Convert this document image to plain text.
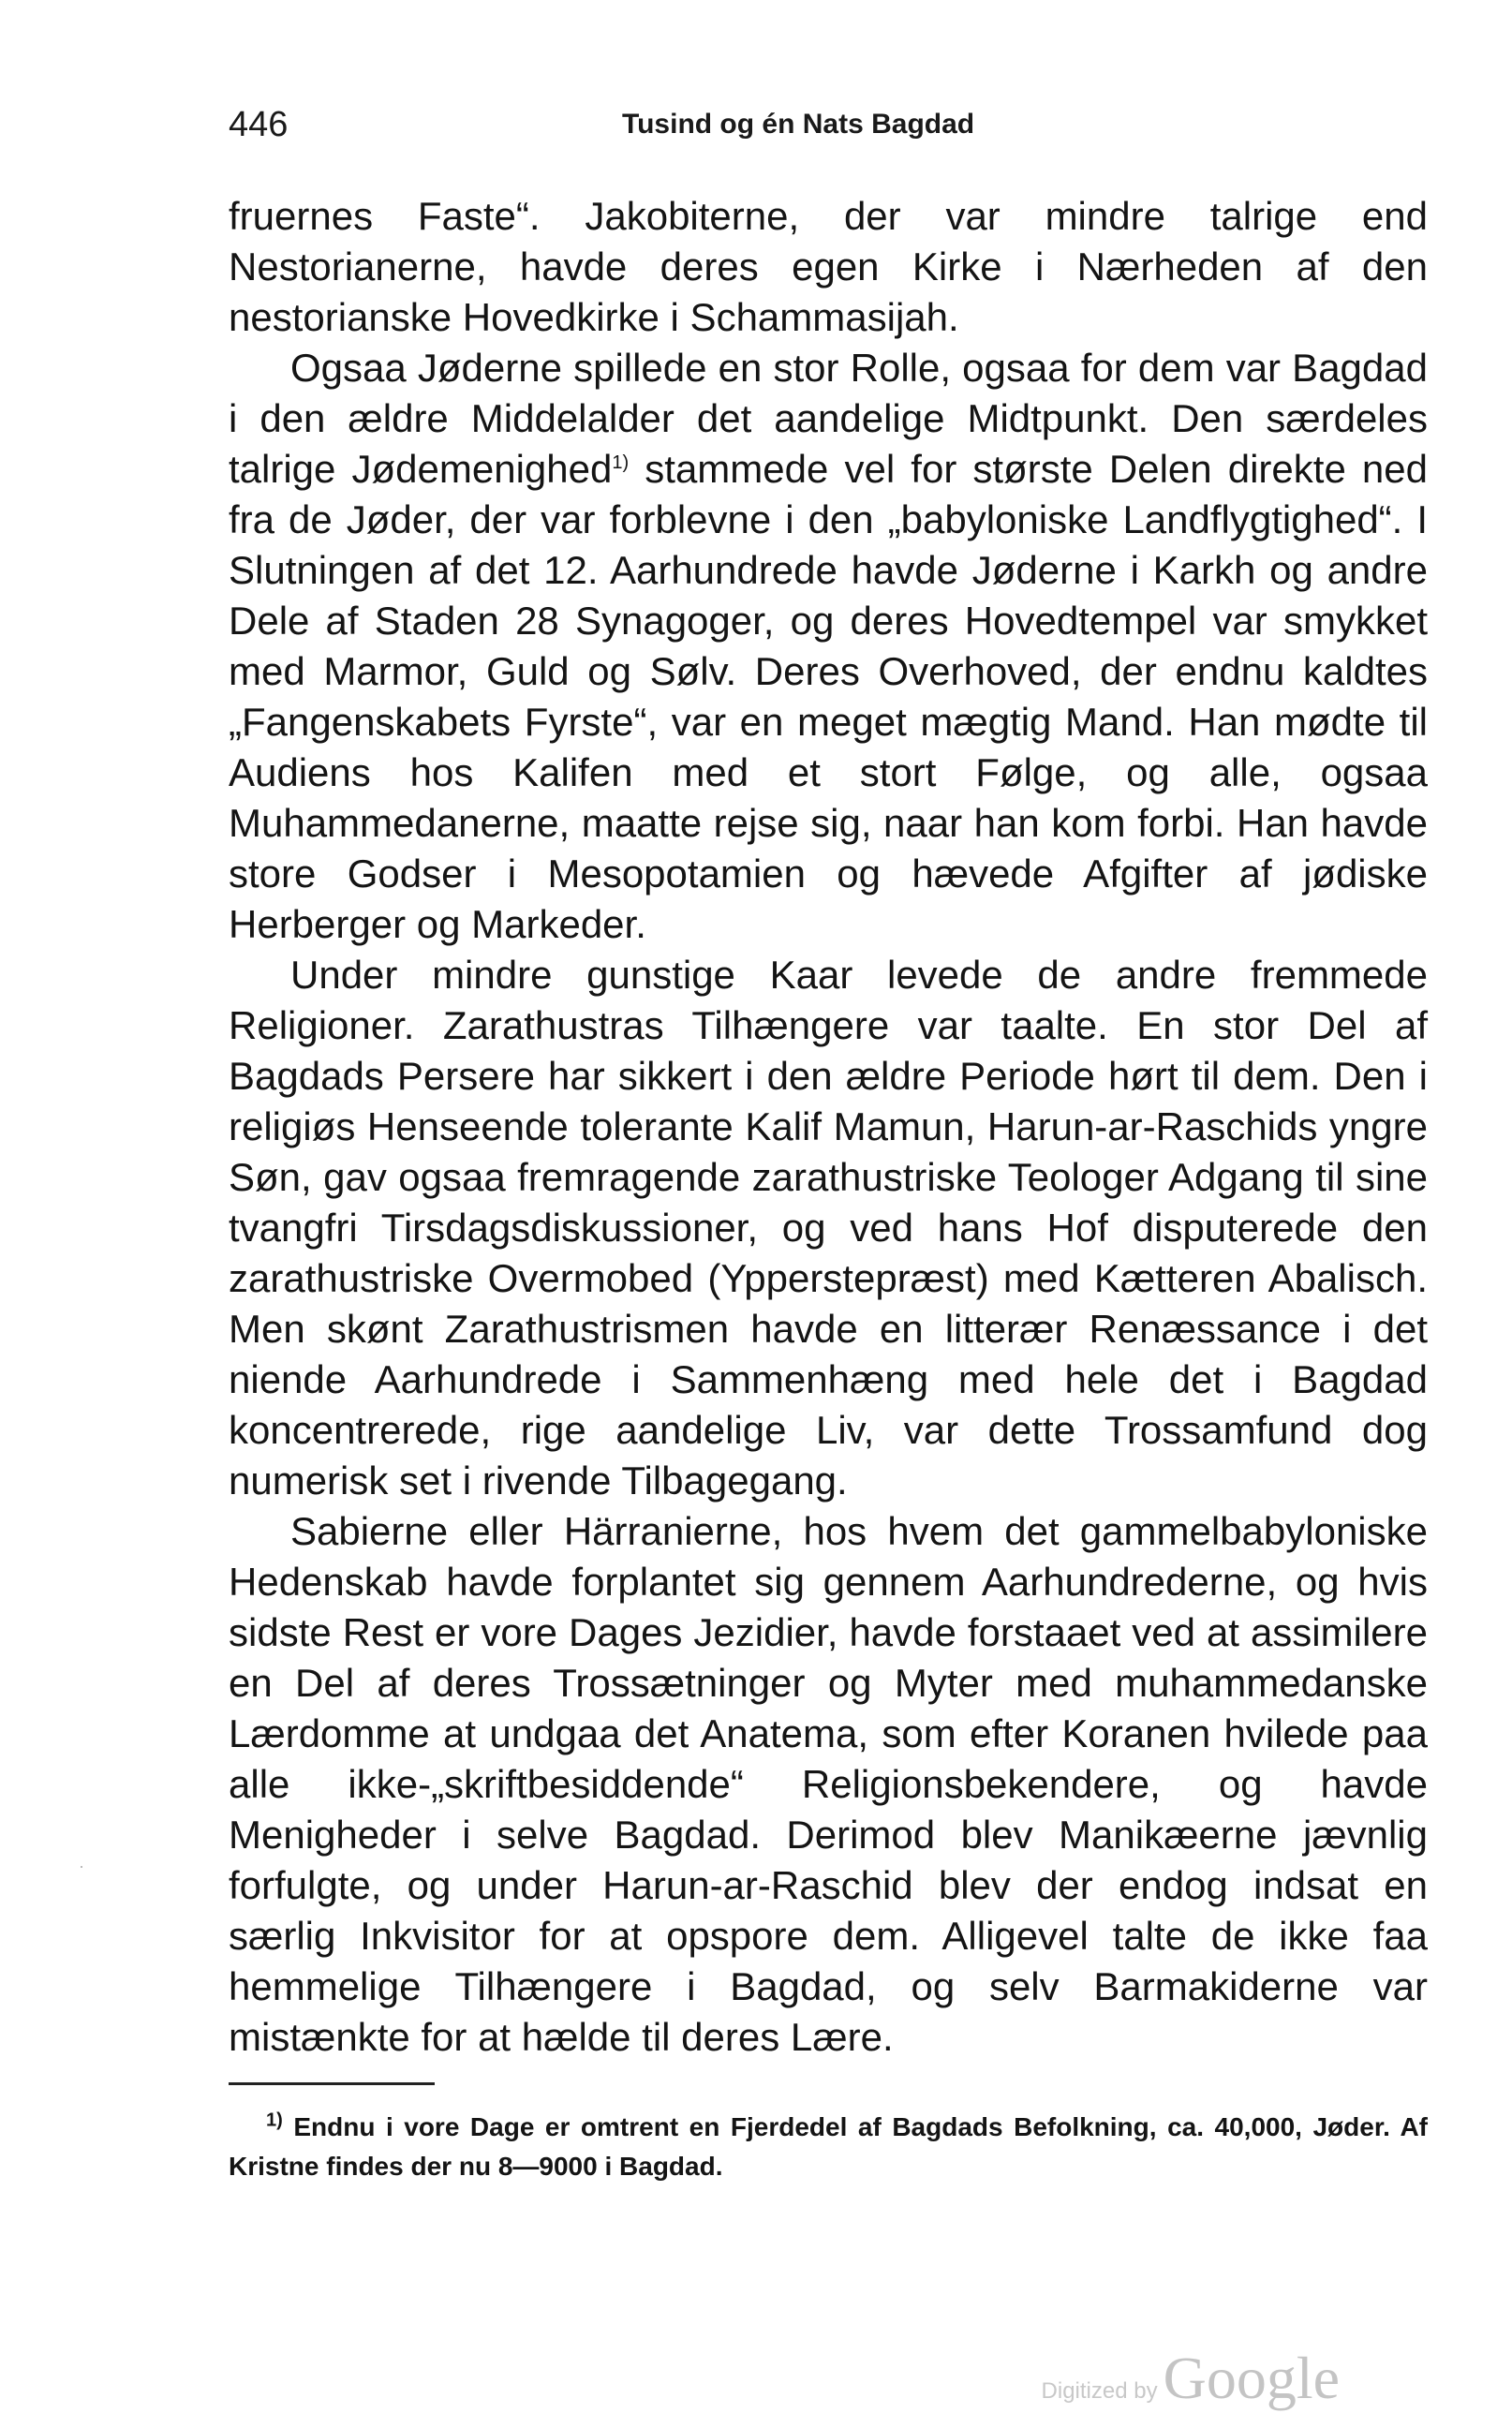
446	Tusind og én Nats Bagdad

fruernes Faste“. Jakobiterne, der var mindre talrige end Nestorianerne, havde deres egen Kirke i Nærheden af den nestorianske Hovedkirke i Schammasijah.

Ogsaa Jøderne spillede en stor Rolle, ogsaa for dem var Bagdad i den ældre Middelalder det aandelige Midtpunkt. Den særdeles talrige Jødemenighed$^{1)}$ stammede vel for største Delen direkte ned fra de Jøder, der var forblevne i den „babyloniske Landflygtighed“. I Slutningen af det 12. Aarhundrede havde Jøderne i Karkh og andre Dele af Staden 28 Synagoger, og deres Hovedtempel var smykket med Marmor, Guld og Sølv. Deres Overhoved, der endnu kaldtes „Fangenskabets Fyrste“, var en meget mægtig Mand. Han mødte til Audiens hos Kalifen med et stort Følge, og alle, ogsaa Muhammedanerne, maatte rejse sig, naar han kom forbi. Han havde store Godser i Mesopotamien og hævede Afgifter af jødiske Herberger og Markeder.

Under mindre gunstige Kaar levede de andre fremmede Religioner. Zarathustras Tilhængere var taalte. En stor Del af Bagdads Persere har sikkert i den ældre Periode hørt til dem. Den i religiøs Henseende tolerante Kalif Mamun, Harun-ar-Raschids yngre Søn, gav ogsaa fremragende zarathustriske Teologer Adgang til sine tvangfri Tirsdagsdiskussioner, og ved hans Hof disputerede den zarathustriske Overmobed (Ypperstepræst) med Kætteren Abalisch. Men skønt Zarathustrismen havde en litterær Renæssance i det niende Aarhundrede i Sammenhæng med hele det i Bagdad koncentrerede, rige aandelige Liv, var dette Trossamfund dog numerisk set i rivende Tilbagegang.

Sabierne eller Härranierne, hos hvem det gammelbabyloniske Hedenskab havde forplantet sig gennem Aarhundrederne, og hvis sidste Rest er vore Dages Jezidier, havde forstaaet ved at assimilere en Del af deres Trossætninger og Myter med muhammedanske Lærdomme at undgaa det Anatema, som efter Koranen hvilede paa alle ikke-„skriftbesiddende“ Religionsbekendere, og havde Menigheder i selve Bagdad. Derimod blev Manikæerne jævnlig forfulgte, og under Harun-ar-Raschid blev der endog indsat en særlig Inkvisitor for at opspore dem. Alligevel talte de ikke faa hemmelige Tilhængere i Bagdad, og selv Barmakiderne var mistænkte for at hælde til deres Lære.

$^{1)}$ Endnu i vore Dage er omtrent en Fjerdedel af Bagdads Befolkning, ca. 40,000, Jøder. Af Kristne findes der nu 8—9000 i Bagdad.
Digitized by Google
